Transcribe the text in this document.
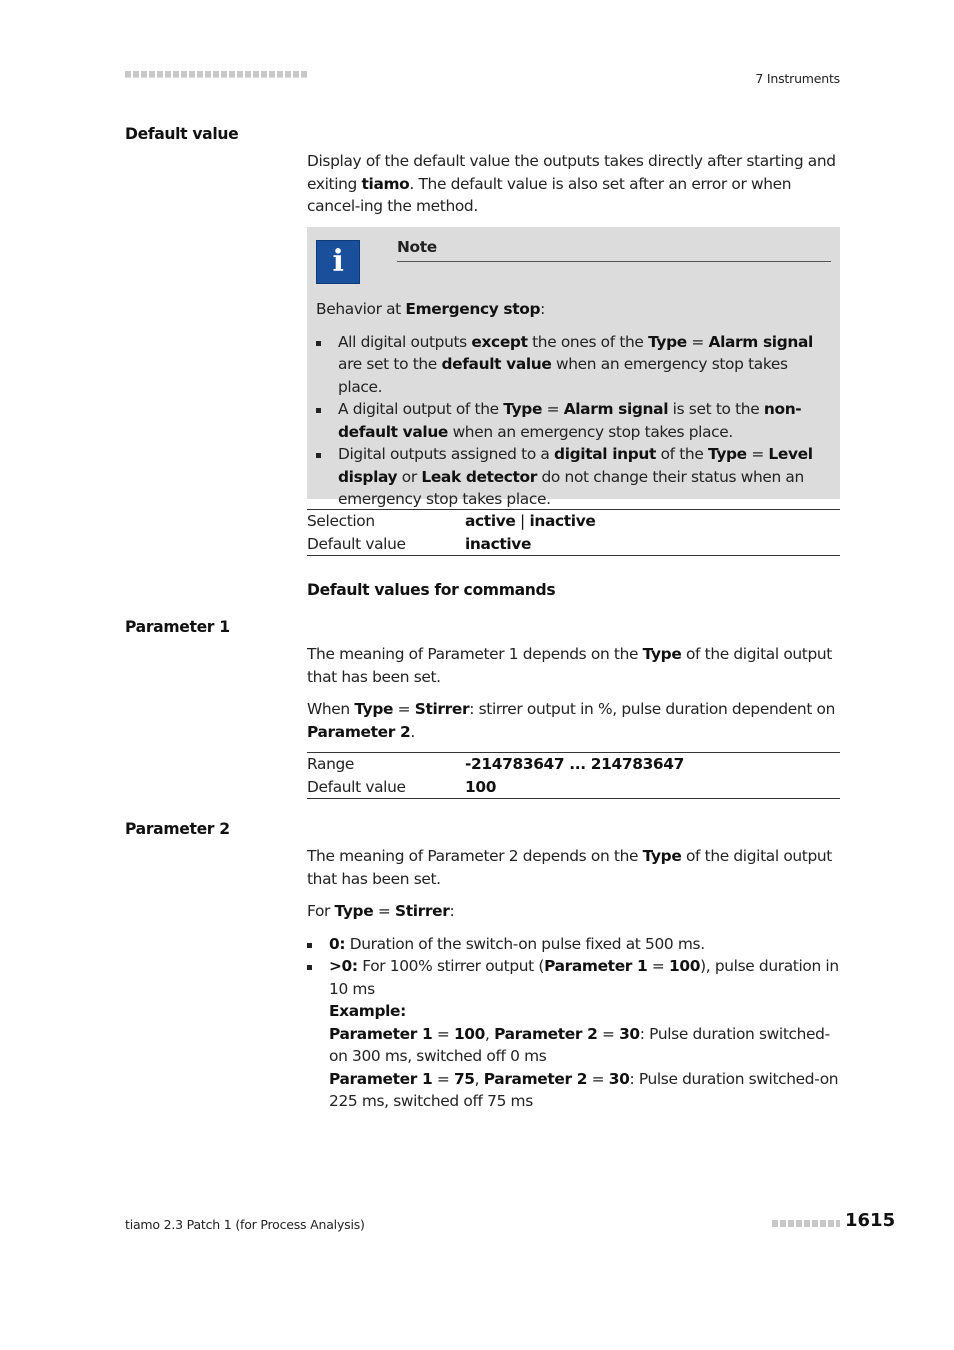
7 Instruments
Default value

Display of the default value the outputs takes directly after starting and exiting tiamo. The default value is also set after an error or when cancel-ing the method.

i	Note
Behavior at Emergency stop:
All digital outputs except the ones of the Type = Alarm signal are set to the default value when an emergency stop takes place.
A digital output of the Type = Alarm signal is set to the non-default value when an emergency stop takes place.
Digital outputs assigned to a digital input of the Type = Level display or Leak detector do not change their status when an emergency stop takes place.
Selection	active | inactive
Default value	inactive
Default values for commands
Parameter 1

The meaning of Parameter 1 depends on the Type of the digital output that has been set.

When Type = Stirrer: stirrer output in %, pulse duration dependent on Parameter 2.

Range	-214783647 ... 214783647
Default value	100
Parameter 2

The meaning of Parameter 2 depends on the Type of the digital output that has been set.

For Type = Stirrer:

0: Duration of the switch-on pulse fixed at 500 ms.
>0: For 100% stirrer output (Parameter 1 = 100), pulse duration in 10 ms
Example:
Parameter 1 = 100, Parameter 2 = 30: Pulse duration switched-on 300 ms, switched off 0 ms
Parameter 1 = 75, Parameter 2 = 30: Pulse duration switched-on 225 ms, switched off 75 ms
tiamo 2.3 Patch 1 (for Process Analysis)	1615
